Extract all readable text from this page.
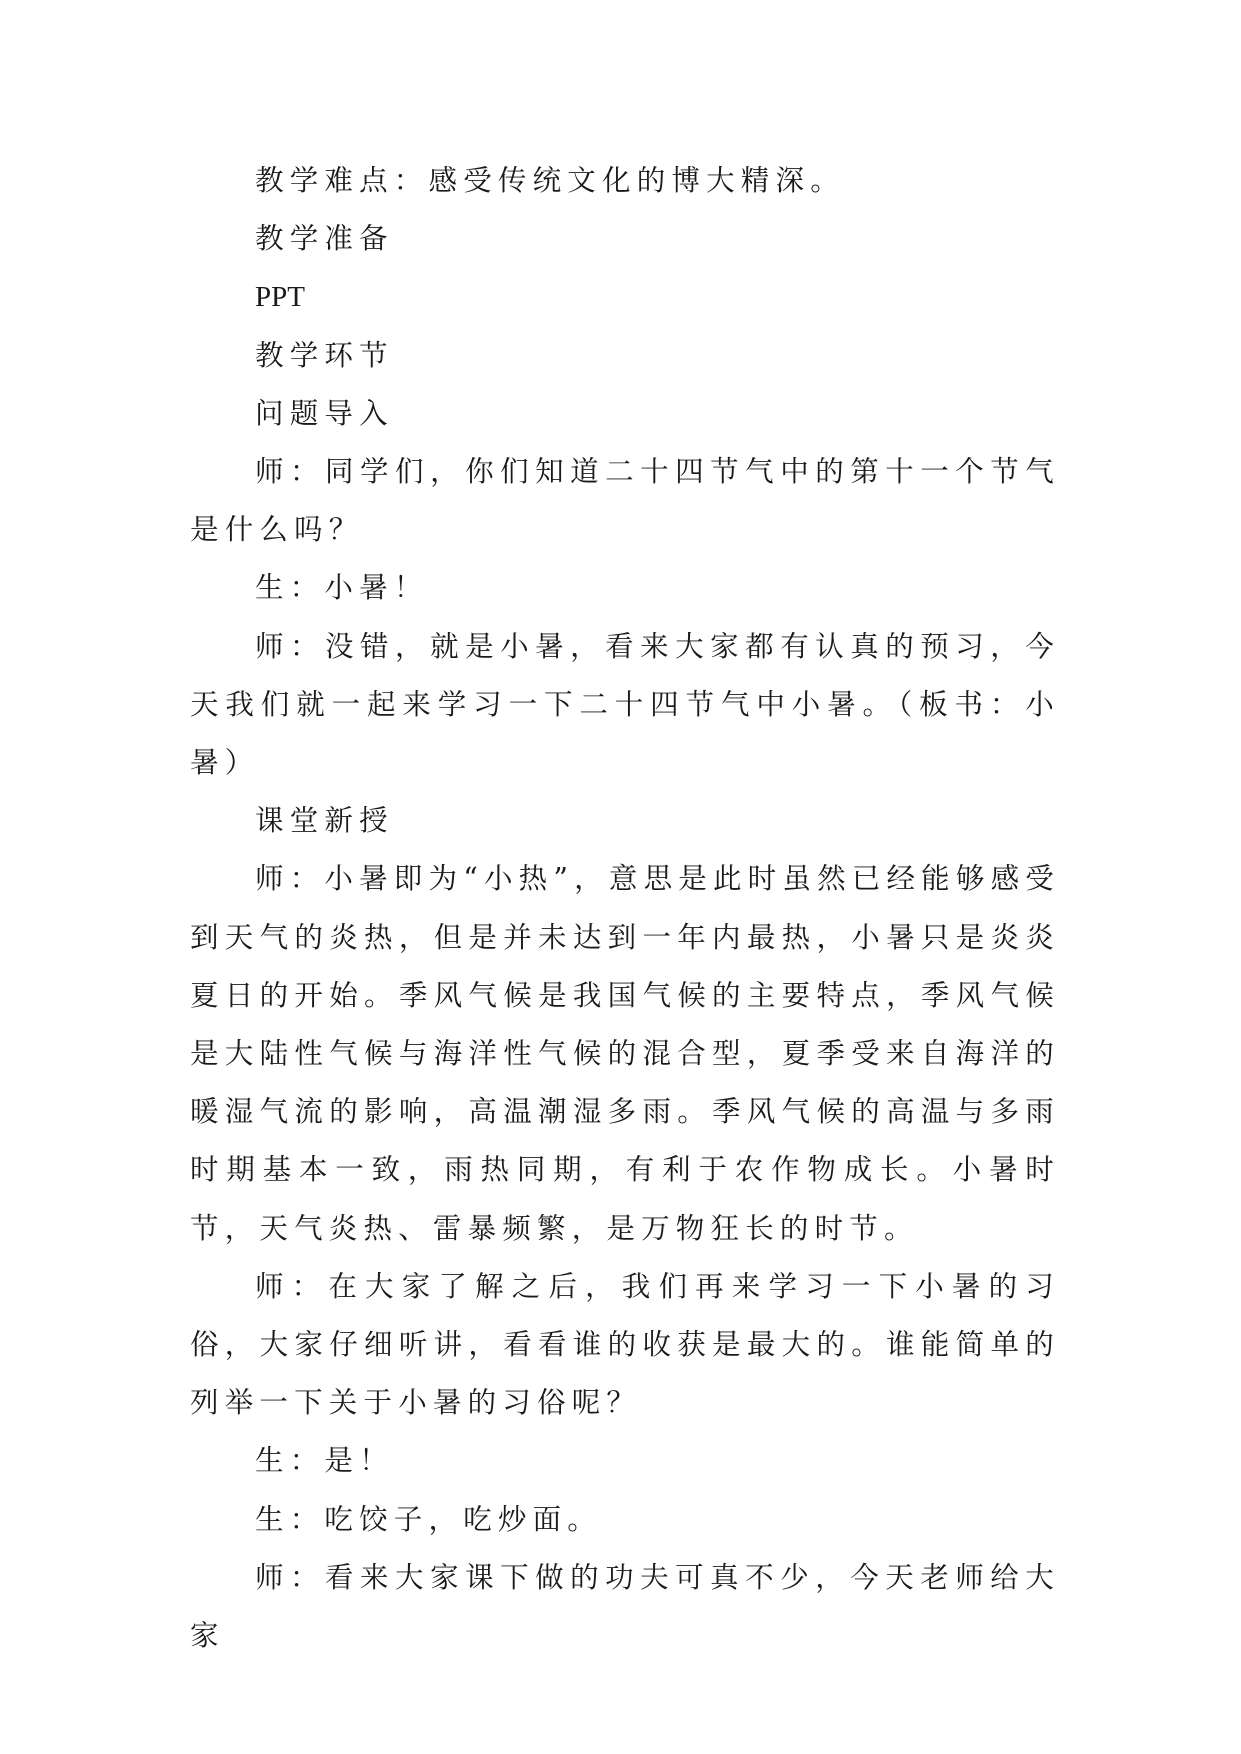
教学难点：感受传统文化的博大精深。

教学准备

PPT

教学环节

问题导入

师：同学们，你们知道二十四节气中的第十一个节气是什么吗？

生：小暑！

师：没错，就是小暑，看来大家都有认真的预习，今天我们就一起来学习一下二十四节气中小暑。（板书：小暑）

课堂新授

师：小暑即为“小热”，意思是此时虽然已经能够感受到天气的炎热，但是并未达到一年内最热，小暑只是炎炎夏日的开始。季风气候是我国气候的主要特点，季风气候是大陆性气候与海洋性气候的混合型，夏季受来自海洋的暖湿气流的影响，高温潮湿多雨。季风气候的高温与多雨时期基本一致，雨热同期，有利于农作物成长。小暑时节，天气炎热、雷暴频繁，是万物狂长的时节。

师：在大家了解之后，我们再来学习一下小暑的习俗，大家仔细听讲，看看谁的收获是最大的。谁能简单的列举一下关于小暑的习俗呢？

生：是！

生：吃饺子，吃炒面。

师：看来大家课下做的功夫可真不少，今天老师给大家
